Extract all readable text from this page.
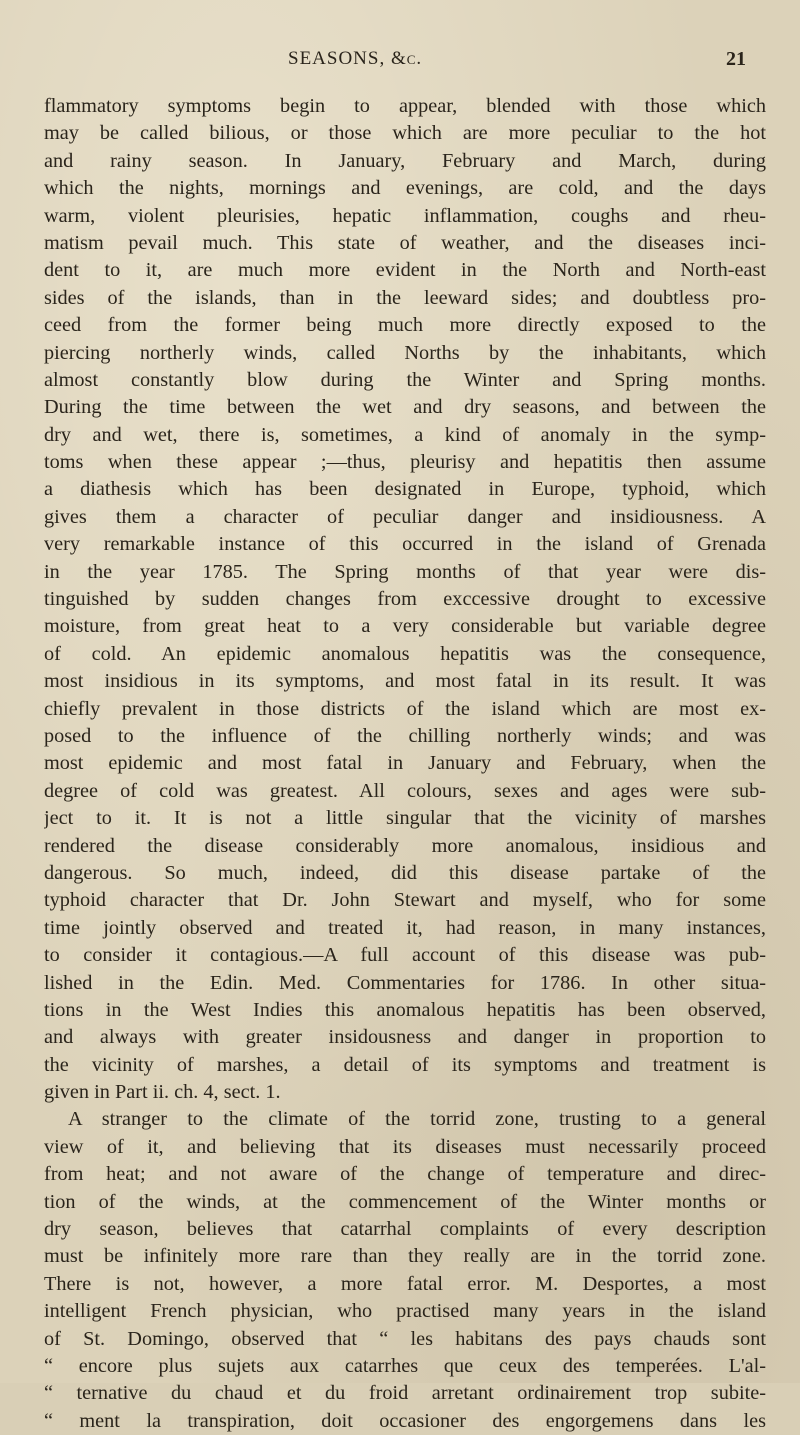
SEASONS, &c.	21

flammatory symptoms begin to appear, blended with those which

may be called bilious, or those which are more peculiar to the hot

and rainy season. In January, February and March, during

which the nights, mornings and evenings, are cold, and the days

warm, violent pleurisies, hepatic inflammation, coughs and rheu-

matism pevail much. This state of weather, and the diseases inci-

dent to it, are much more evident in the North and North-east

sides of the islands, than in the leeward sides; and doubtless pro-

ceed from the former being much more directly exposed to the

piercing northerly winds, called Norths by the inhabitants, which

almost constantly blow during the Winter and Spring months.

During the time between the wet and dry seasons, and between the

dry and wet, there is, sometimes, a kind of anomaly in the symp-

toms when these appear ;—thus, pleurisy and hepatitis then assume

a diathesis which has been designated in Europe, typhoid, which

gives them a character of peculiar danger and insidiousness. A

very remarkable instance of this occurred in the island of Grenada

in the year 1785. The Spring months of that year were dis-

tinguished by sudden changes from exccessive drought to excessive

moisture, from great heat to a very considerable but variable degree

of cold. An epidemic anomalous hepatitis was the consequence,

most insidious in its symptoms, and most fatal in its result. It was

chiefly prevalent in those districts of the island which are most ex-

posed to the influence of the chilling northerly winds; and was

most epidemic and most fatal in January and February, when the

degree of cold was greatest. All colours, sexes and ages were sub-

ject to it. It is not a little singular that the vicinity of marshes

rendered the disease considerably more anomalous, insidious and

dangerous. So much, indeed, did this disease partake of the

typhoid character that Dr. John Stewart and myself, who for some

time jointly observed and treated it, had reason, in many instances,

to consider it contagious.—A full account of this disease was pub-

lished in the Edin. Med. Commentaries for 1786. In other situa-

tions in the West Indies this anomalous hepatitis has been observed,

and always with greater insidousness and danger in proportion to

the vicinity of marshes, a detail of its symptoms and treatment is

given in Part ii. ch. 4, sect. 1.

A stranger to the climate of the torrid zone, trusting to a general

view of it, and believing that its diseases must necessarily proceed

from heat; and not aware of the change of temperature and direc-

tion of the winds, at the commencement of the Winter months or

dry season, believes that catarrhal complaints of every description

must be infinitely more rare than they really are in the torrid zone.

There is not, however, a more fatal error. M. Desportes, a most

intelligent French physician, who practised many years in the island

of St. Domingo, observed that “ les habitans des pays chauds sont

“ encore plus sujets aux catarrhes que ceux des temperées. L'al-

“ ternative du chaud et du froid arretant ordinairement trop subite-

“ ment la transpiration, doit occasioner des engorgemens dans les
